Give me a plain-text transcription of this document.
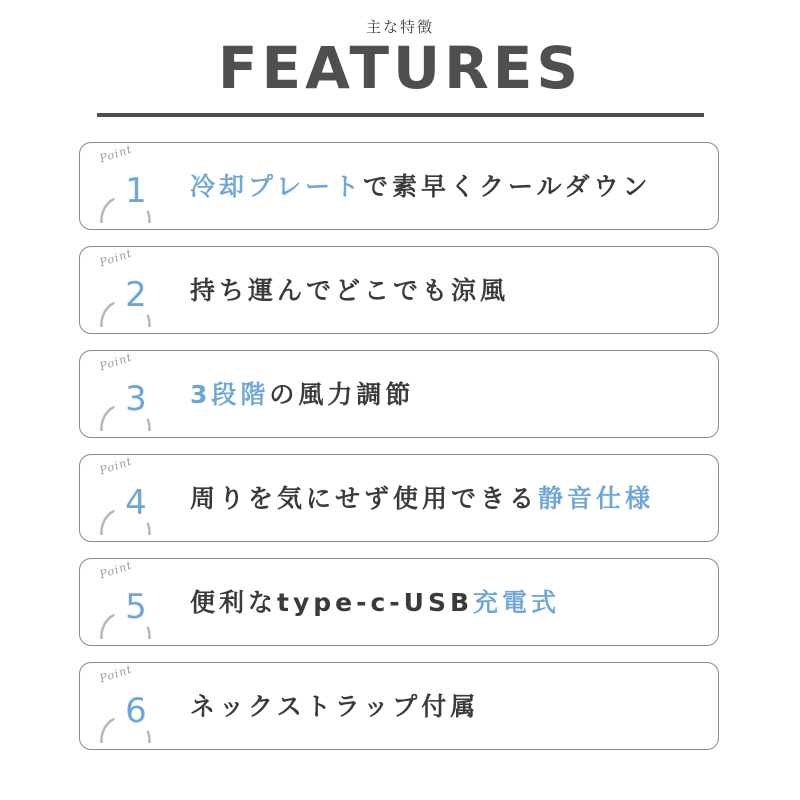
主な特徴
FEATURES
Point
1	冷却プレートで素早くクールダウン
Point
2	持ち運んでどこでも涼風
Point
3	3段階の風力調節
Point
4	周りを気にせず使用できる静音仕様
Point
5	便利なtype-c-USB充電式
Point
6	ネックストラップ付属
